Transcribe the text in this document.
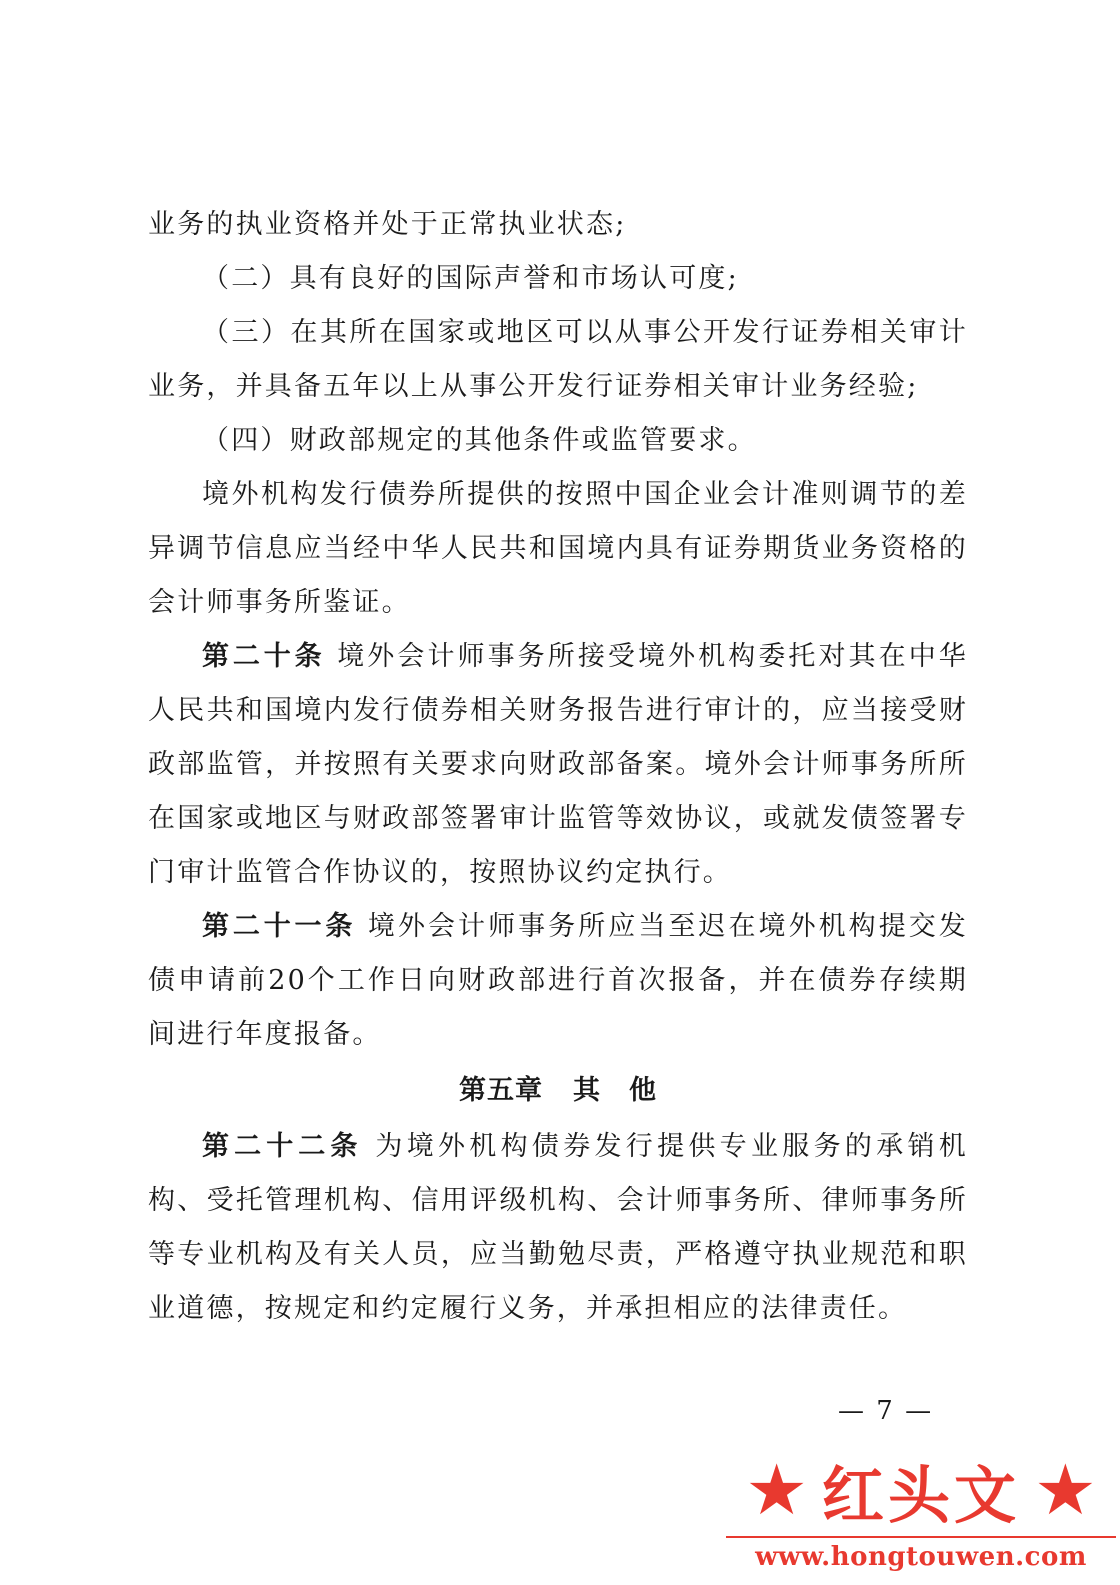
业务的执业资格并处于正常执业状态;

（二）具有良好的国际声誉和市场认可度;

（三）在其所在国家或地区可以从事公开发行证券相关审计业务，并具备五年以上从事公开发行证券相关审计业务经验;

（四）财政部规定的其他条件或监管要求。

境外机构发行债券所提供的按照中国企业会计准则调节的差异调节信息应当经中华人民共和国境内具有证券期货业务资格的会计师事务所鉴证。

第二十条 境外会计师事务所接受境外机构委托对其在中华人民共和国境内发行债券相关财务报告进行审计的，应当接受财政部监管，并按照有关要求向财政部备案。境外会计师事务所所在国家或地区与财政部签署审计监管等效协议，或就发债签署专门审计监管合作协议的，按照协议约定执行。

第二十一条 境外会计师事务所应当至迟在境外机构提交发债申请前20个工作日向财政部进行首次报备，并在债券存续期间进行年度报备。

第五章 其　他

第二十二条 为境外机构债券发行提供专业服务的承销机构、受托管理机构、信用评级机构、会计师事务所、律师事务所等专业机构及有关人员，应当勤勉尽责，严格遵守执业规范和职业道德，按规定和约定履行义务，并承担相应的法律责任。

— 7 —
★ 红头文 ★
www.hongtouwen.com
